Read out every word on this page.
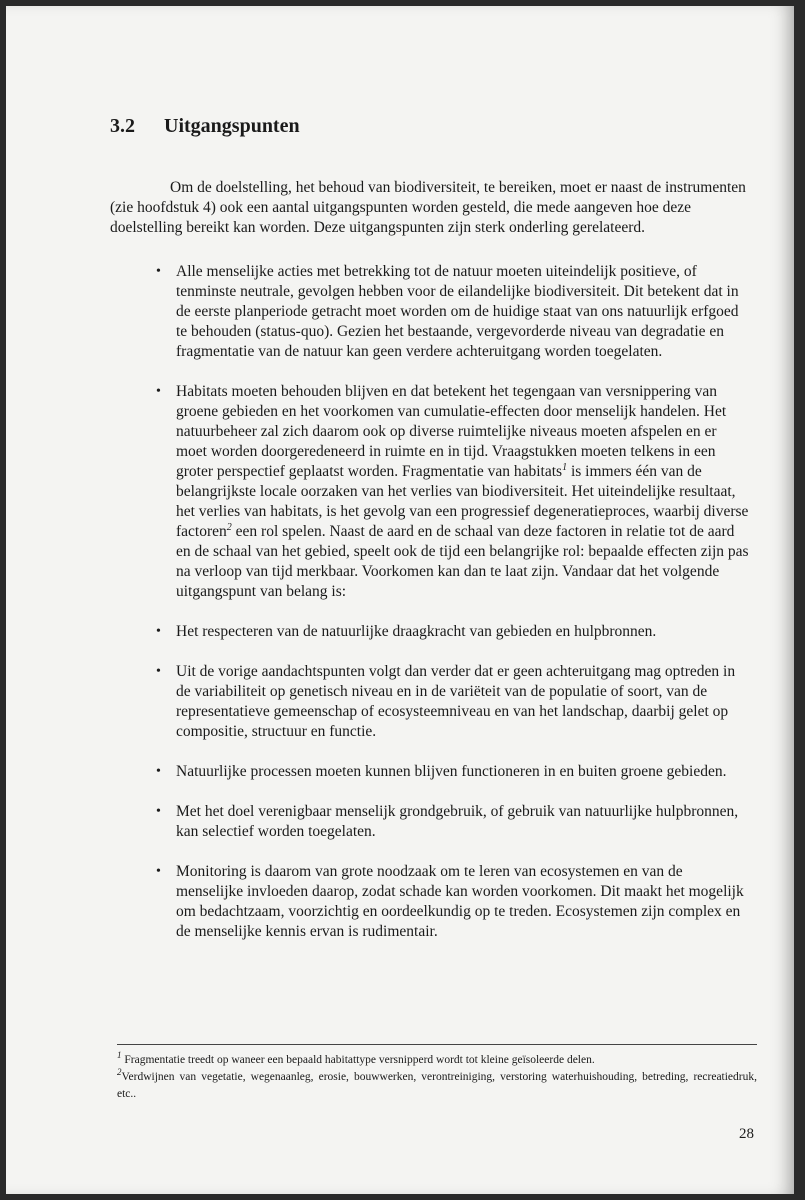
3.2 Uitgangspunten

Om de doelstelling, het behoud van biodiversiteit, te bereiken, moet er naast de instrumenten (zie hoofdstuk 4) ook een aantal uitgangspunten worden gesteld, die mede aangeven hoe deze doelstelling bereikt kan worden. Deze uitgangspunten zijn sterk onderling gerelateerd.

• Alle menselijke acties met betrekking tot de natuur moeten uiteindelijk positieve, of tenminste neutrale, gevolgen hebben voor de eilandelijke biodiversiteit. Dit betekent dat in de eerste planperiode getracht moet worden om de huidige staat van ons natuurlijk erfgoed te behouden (status-quo). Gezien het bestaande, vergevorderde niveau van degradatie en fragmentatie van de natuur kan geen verdere achteruitgang worden toegelaten.
• Habitats moeten behouden blijven en dat betekent het tegengaan van versnippering van groene gebieden en het voorkomen van cumulatie-effecten door menselijk handelen. Het natuurbeheer zal zich daarom ook op diverse ruimtelijke niveaus moeten afspelen en er moet worden doorgeredeneerd in ruimte en in tijd. Vraagstukken moeten telkens in een groter perspectief geplaatst worden. Fragmentatie van habitats$^1$ is immers één van de belangrijkste locale oorzaken van het verlies van biodiversiteit. Het uiteindelijke resultaat, het verlies van habitats, is het gevolg van een progressief degeneratieproces, waarbij diverse factoren$^2$ een rol spelen. Naast de aard en de schaal van deze factoren in relatie tot de aard en de schaal van het gebied, speelt ook de tijd een belangrijke rol: bepaalde effecten zijn pas na verloop van tijd merkbaar. Voorkomen kan dan te laat zijn. Vandaar dat het volgende uitgangspunt van belang is:
• Het respecteren van de natuurlijke draagkracht van gebieden en hulpbronnen.
• Uit de vorige aandachtspunten volgt dan verder dat er geen achteruitgang mag optreden in de variabiliteit op genetisch niveau en in de variëteit van de populatie of soort, van de representatieve gemeenschap of ecosysteemniveau en van het landschap, daarbij gelet op compositie, structuur en functie.
• Natuurlijke processen moeten kunnen blijven functioneren in en buiten groene gebieden.
• Met het doel verenigbaar menselijk grondgebruik, of gebruik van natuurlijke hulpbronnen, kan selectief worden toegelaten.
• Monitoring is daarom van grote noodzaak om te leren van ecosystemen en van de menselijke invloeden daarop, zodat schade kan worden voorkomen. Dit maakt het mogelijk om bedachtzaam, voorzichtig en oordeelkundig op te treden. Ecosystemen zijn complex en de menselijke kennis ervan is rudimentair.

$^1$ Fragmentatie treedt op waneer een bepaald habitattype versnipperd wordt tot kleine geïsoleerde delen.

$^2$Verdwijnen van vegetatie, wegenaanleg, erosie, bouwwerken, verontreiniging, verstoring waterhuishouding, betreding, recreatiedruk, etc..

28
